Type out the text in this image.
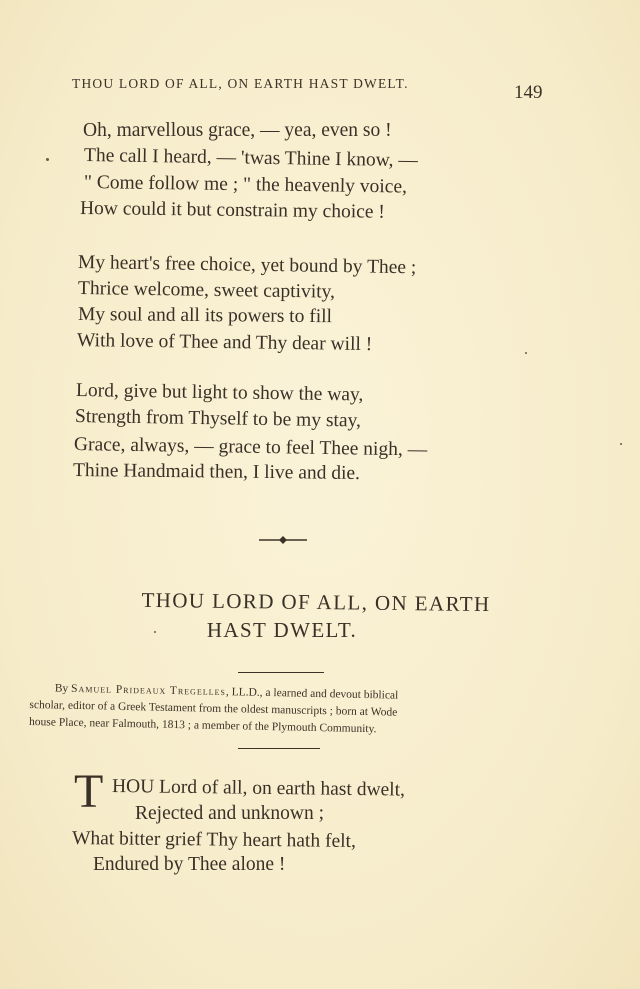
THOU LORD OF ALL, ON EARTH HAST DWELT.	149
Oh, marvellous grace, — yea, even so !
The call I heard, — 'twas Thine I know, —
" Come follow me ; " the heavenly voice,
How could it but constrain my choice !
My heart's free choice, yet bound by Thee ;
Thrice welcome, sweet captivity,
My soul and all its powers to fill
With love of Thee and Thy dear will !
Lord, give but light to show the way,
Strength from Thyself to be my stay,
Grace, always, — grace to feel Thee nigh, —
Thine Handmaid then, I live and die.
THOU LORD OF ALL, ON EARTH
HAST DWELT.
By Samuel Prideaux Tregelles, LL.D., a learned and devout biblical
scholar, editor of a Greek Testament from the oldest manuscripts ; born at Wode
house Place, near Falmouth, 1813 ; a member of the Plymouth Community.
T HOU Lord of all, on earth hast dwelt,
Rejected and unknown ;
What bitter grief Thy heart hath felt,
Endured by Thee alone !
